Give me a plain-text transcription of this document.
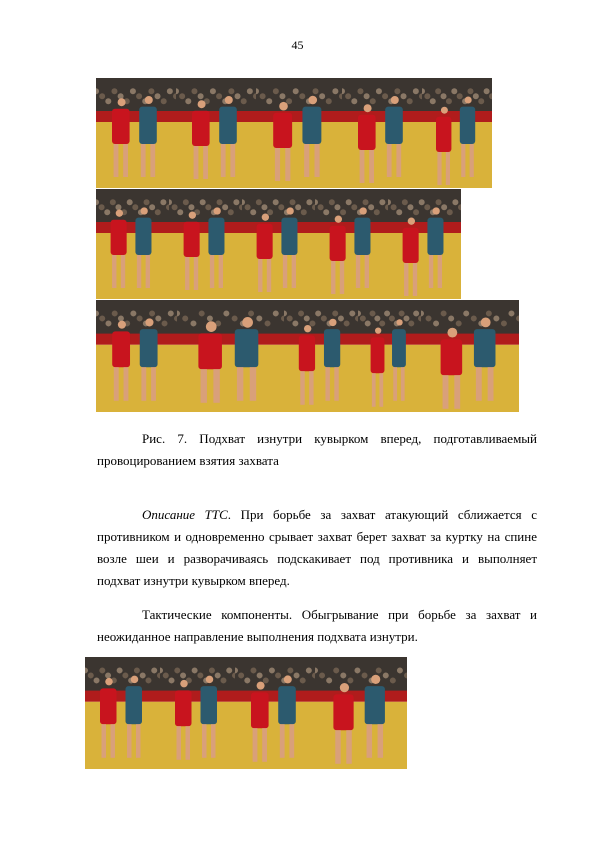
45

Рис. 7. Подхват изнутри кувырком вперед, подготавливаемый провоцированием взятия захвата

Описание ТТС. При борьбе за захват атакующий сближается с противником и одновременно срывает захват берет захват за куртку на спине возле шеи и разворачиваясь подскакивает под противника и выполняет подхват изнутри кувырком вперед.

Тактические компоненты. Обыгрывание при борьбе за захват и неожиданное направление выполнения подхвата изнутри.
